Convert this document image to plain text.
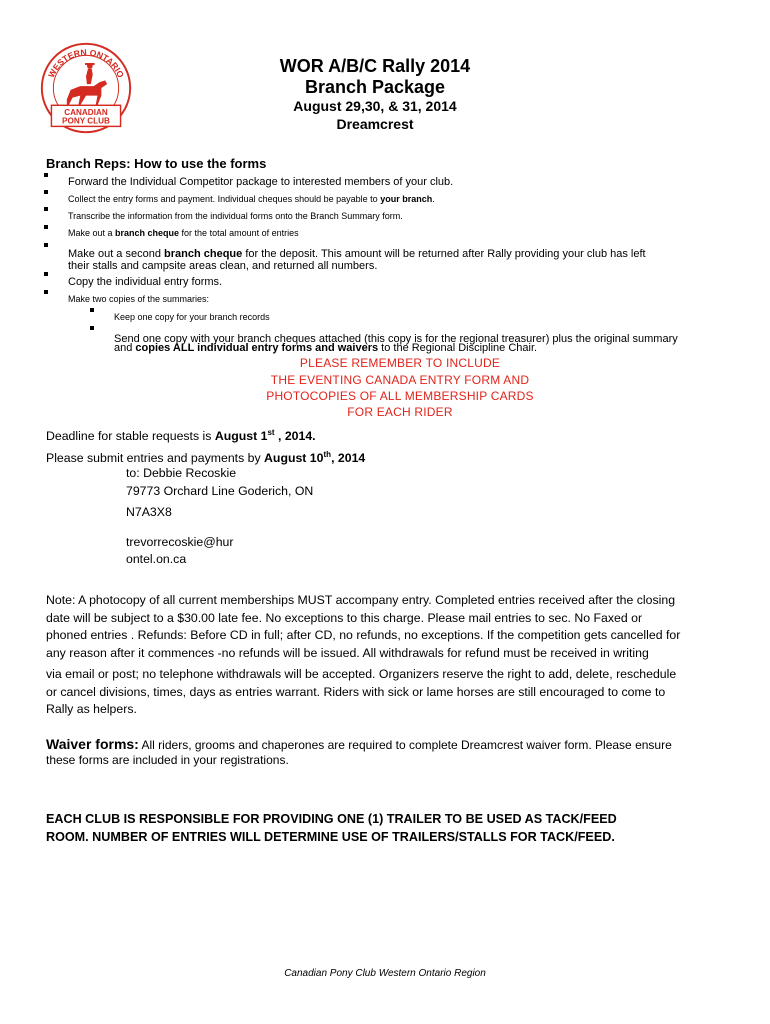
WESTERN ONTARIO
CANADIAN
PONY CLUB
WOR A/B/C Rally 2014
Branch Package
August 29,30, & 31, 2014
Dreamcrest
Branch Reps: How to use the forms
Forward the Individual Competitor package to interested members of your club.
Collect the entry forms and payment. Individual cheques should be payable to your branch.
Transcribe the information from the individual forms onto the Branch Summary form.
Make out a branch cheque for the total amount of entries
Make out a second branch cheque for the deposit. This amount will be returned after Rally providing your club has left
their stalls and campsite areas clean, and returned all numbers.
Copy the individual entry forms.
Make two copies of the summaries:
Keep one copy for your branch records
Send one copy with your branch cheques attached (this copy is for the regional treasurer) plus the original summary
and copies ALL individual entry forms and waivers to the Regional Discipline Chair.
PLEASE REMEMBER TO INCLUDE
THE EVENTING CANADA ENTRY FORM AND
PHOTOCOPIES OF ALL MEMBERSHIP CARDS
FOR EACH RIDER
Deadline for stable requests is August 1st , 2014.
Please submit entries and payments by August 10th, 2014
to: Debbie Recoskie
79773 Orchard Line Goderich, ON
N7A3X8
trevorrecoskie@hur
ontel.on.ca
Note: A photocopy of all current memberships MUST accompany entry. Completed entries received after the closing
date will be subject to a $30.00 late fee. No exceptions to this charge. Please mail entries to sec. No Faxed or
phoned entries . Refunds: Before CD in full; after CD, no refunds, no exceptions. If the competition gets cancelled for
any reason after it commences -no refunds will be issued. All withdrawals for refund must be received in writing
via email or post; no telephone withdrawals will be accepted. Organizers reserve the right to add, delete, reschedule
or cancel divisions, times, days as entries warrant. Riders with sick or lame horses are still encouraged to come to
Rally as helpers.
Waiver forms: All riders, grooms and chaperones are required to complete Dreamcrest waiver form. Please ensure
these forms are included in your registrations.
EACH CLUB IS RESPONSIBLE FOR PROVIDING ONE (1) TRAILER TO BE USED AS TACK/FEED
ROOM. NUMBER OF ENTRIES WILL DETERMINE USE OF TRAILERS/STALLS FOR TACK/FEED.
Canadian Pony Club Western Ontario Region
